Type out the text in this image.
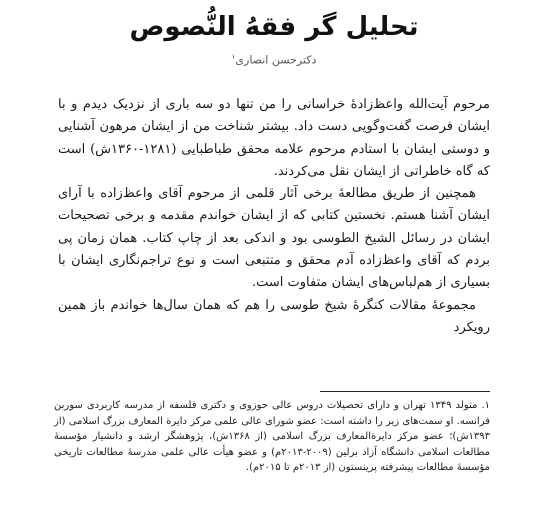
تحلیل گر فقهُ النُّصوص
دکترحسن انصاری$^۱$

مرحوم آیت‌الله واعظ‌زادهٔ خراسانی را من تنها دو سه باری از نزدیک دیدم و با ایشان فرصت گفت‌وگویی دست داد. بیشتر شناخت من از ایشان مرهون آشنایی و دوستی ایشان با استادم مرحوم علامه محقق طباطبایی (۱۲۸۱-۱۳۶۰ش) است که گاه خاطراتی از ایشان نقل می‌کردند.

همچنین از طریق مطالعهٔ برخی آثار قلمی از مرحوم آقای واعظ‌زاده با آرای ایشان آشنا هستم. نخستین کتابی که از ایشان خواندم مقدمه و برخی تصحیحات ایشان در رسائل الشیخ الطوسی بود و اندکی بعد از چاپ کتاب. همان زمان پی بردم که آقای واعظ‌زاده آدم محقق و متتبعی است و نوع تراجم‌نگاری ایشان با بسیاری از هم‌لباس‌های ایشان متفاوت است.

مجموعهٔ مقالات کنگرهٔ شیخ طوسی را هم که همان سال‌ها خواندم باز همین رویکرد

۱. متولد ۱۳۴۹ تهران و دارای تحصیلات دروس عالی حوزوی و دکتری فلسفه از مدرسه کاربردی سوربن فرانسه. او سمت‌های زیر را داشته است: عضو شورای عالی علمی مرکز دایرة المعارف بزرگ اسلامی (از ۱۳۹۳ش)؛ عضو مرکز دایرةالمعارف بزرگ اسلامی (از ۱۳۶۸ش)، پژوهشگر ارشد و دانشیار مؤسسهٔ مطالعات اسلامی دانشگاه آزاد برلین (۲۰۰۹-۲۰۱۳م) و عضو هیأت عالی علمی مدرسهٔ مطالعات تاریخی مؤسسهٔ مطالعات پیشرفته پرینستون (از ۲۰۱۳م تا ۲۰۱۵م).
